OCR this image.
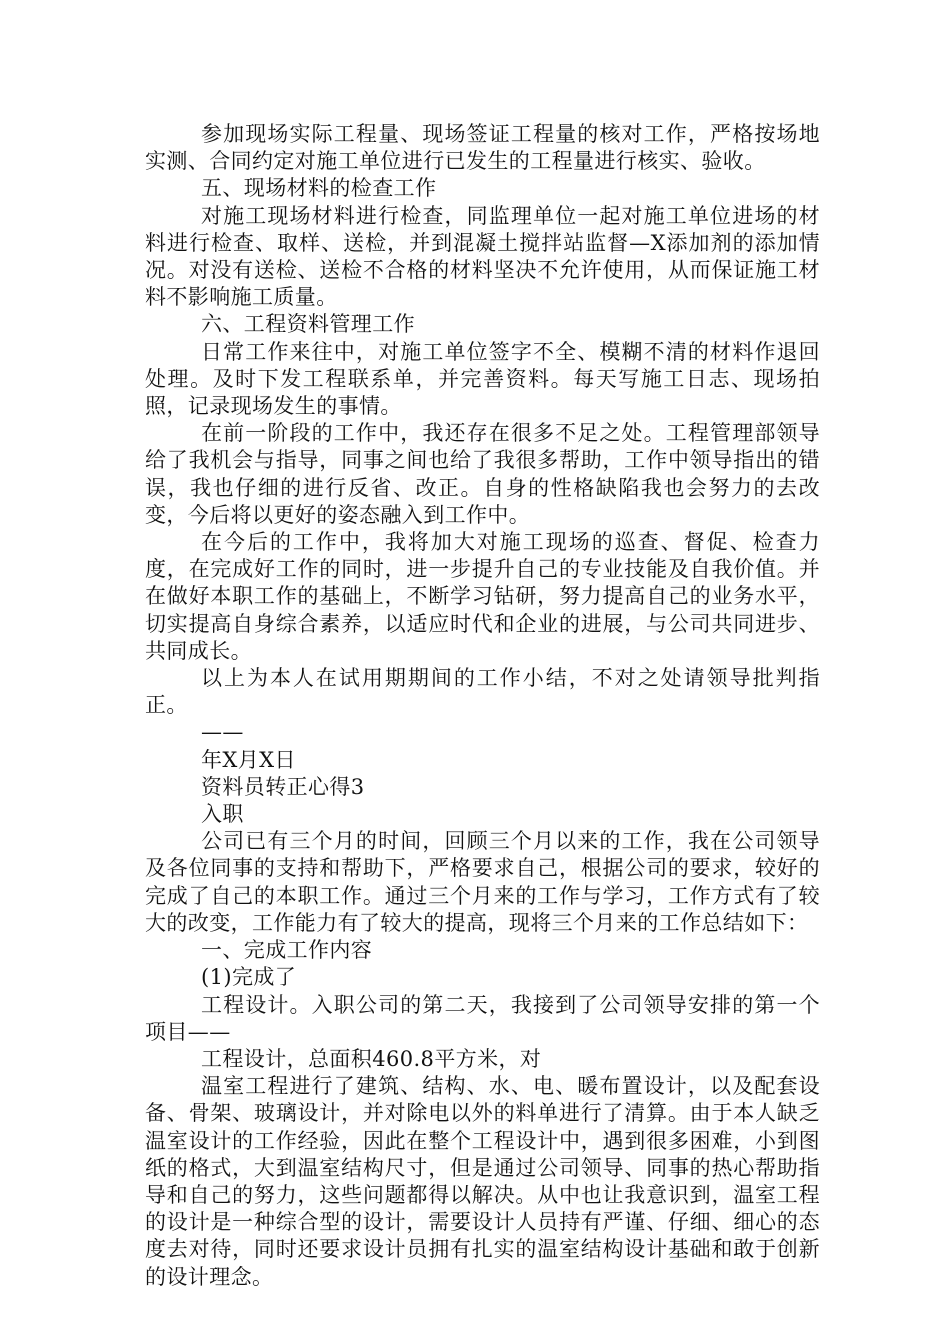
参加现场实际工程量、现场签证工程量的核对工作，严格按场地实测、合同约定对施工单位进行已发生的工程量进行核实、验收。

五、现场材料的检查工作

对施工现场材料进行检查，同监理单位一起对施工单位进场的材料进行检查、取样、送检，并到混凝土搅拌站监督—X添加剂的添加情况。对没有送检、送检不合格的材料坚决不允许使用，从而保证施工材料不影响施工质量。

六、工程资料管理工作

日常工作来往中，对施工单位签字不全、模糊不清的材料作退回处理。及时下发工程联系单，并完善资料。每天写施工日志、现场拍照，记录现场发生的事情。

在前一阶段的工作中，我还存在很多不足之处。工程管理部领导给了我机会与指导，同事之间也给了我很多帮助，工作中领导指出的错误，我也仔细的进行反省、改正。自身的性格缺陷我也会努力的去改变，今后将以更好的姿态融入到工作中。

在今后的工作中，我将加大对施工现场的巡查、督促、检查力度，在完成好工作的同时，进一步提升自己的专业技能及自我价值。并在做好本职工作的基础上，不断学习钻研，努力提高自己的业务水平，切实提高自身综合素养，以适应时代和企业的进展，与公司共同进步、共同成长。

以上为本人在试用期期间的工作小结，不对之处请领导批判指正。

——

年X月X日

资料员转正心得3

入职

公司已有三个月的时间，回顾三个月以来的工作，我在公司领导及各位同事的支持和帮助下，严格要求自己，根据公司的要求，较好的完成了自己的本职工作。通过三个月来的工作与学习，工作方式有了较大的改变，工作能力有了较大的提高，现将三个月来的工作总结如下：

一、完成工作内容

(1)完成了

工程设计。入职公司的第二天，我接到了公司领导安排的第一个项目——

工程设计，总面积460.8平方米，对

温室工程进行了建筑、结构、水、电、暖布置设计，以及配套设备、骨架、玻璃设计，并对除电以外的料单进行了清算。由于本人缺乏温室设计的工作经验，因此在整个工程设计中，遇到很多困难，小到图纸的格式，大到温室结构尺寸，但是通过公司领导、同事的热心帮助指导和自己的努力，这些问题都得以解决。从中也让我意识到，温室工程的设计是一种综合型的设计，需要设计人员持有严谨、仔细、细心的态度去对待，同时还要求设计员拥有扎实的温室结构设计基础和敢于创新的设计理念。
